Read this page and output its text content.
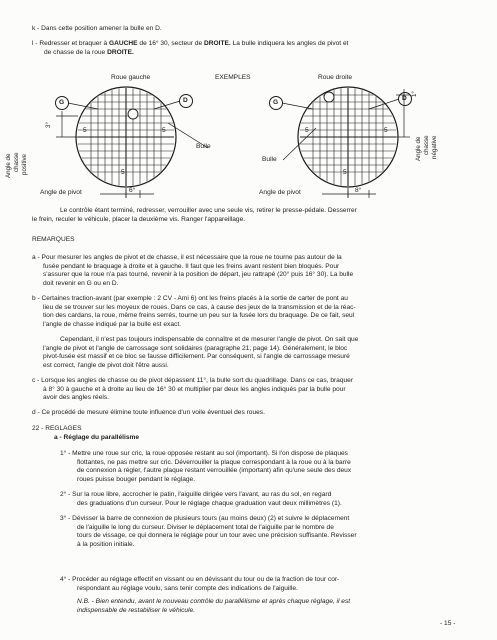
k - Dans cette position amener la bulle en D.
l - Redresser et braquer à GAUCHE de 16° 30, secteur de DROITE. La bulle indiquera les angles de pivot et
de chasse de la roue DROITE.
Roue gauche	EXEMPLES	Roue droite
G	D	G
D
5	5
5
5	5
5
3°
1°
Bulle
Bulle
Angle de chasse positive
Angle de chasse négative
Angle de pivot	6°	Angle de pivot	8°
Le contrôle étant terminé, redresser, verrouiller avec une seule vis, retirer le presse-pédale. Desserrer
le frein, reculer le véhicule, placer la deuxième vis. Ranger l'appareillage.
REMARQUES
a - Pour mesurer les angles de pivot et de chasse, il est nécessaire que la roue ne tourne pas autour de la
fusée pendant le braquage à droite et à gauche. Il faut que les freins avant restent bien bloqués. Pour
s'assurer que la roue n'a pas tourné, revenir à la position de départ, jeu rattrapé (20° puis 16° 30). La bulle
doit revenir en G ou en D.
b - Certaines traction-avant (par exemple : 2 CV - Ami 6) ont les freins placés à la sortie de carter de pont au
lieu de se trouver sur les moyeux de roues. Dans ce cas, à cause des jeux de la transmission et de la réac-
tion des cardans, la roue, même freins serrés, tourne un peu sur la fusée lors du braquage. De ce fait, seul
l'angle de chasse indiqué par la bulle est exact.
Cependant, il n'est pas toujours indispensable de connaître et de mesurer l'angle de pivot. On sait que
l'angle de pivot et l'angle de carrossage sont solidaires (paragraphe 21, page 14). Généralement, le bloc
pivot-fusée est massif et ce bloc se fausse difficilement. Par conséquent, si l'angle de carrossage mesuré
est correct, l'angle de pivot doit l'être aussi.
c - Lorsque les angles de chasse ou de pivot dépassent 11°, la bulle sort du quadrillage. Dans ce cas, braquer
à 8° 30 à gauche et à droite au lieu de 16° 30 et multiplier par deux les angles indiqués par la bulle pour
avoir des angles réels.
d - Ce procédé de mesure élimine toute influence d'un voile éventuel des roues.
22 - REGLAGES
a - Réglage du parallélisme
1° - Mettre une roue sur cric, la roue opposée restant au sol (important). Si l'on dispose de plaques
flottantes, ne pas mettre sur cric. Déverrouiller la plaque correspondant à la roue ou à la barre
de connexion à régler, l'autre plaque restant verrouillée (important) afin qu'une seule des deux
roues puisse bouger pendant le réglage.
2° - Sur la roue libre, accrocher le patin, l'aiguille dirigée vers l'avant, au ras du sol, en regard
des graduations d'un curseur. Pour le réglage chaque graduation vaut deux millimètres (1).
3° - Dévisser la barre de connexion de plusieurs tours (au moins deux) (2) et suivre le déplacement
de l'aiguille le long du curseur. Diviser le déplacement total de l'aiguille par le nombre de
tours de vissage, ce qui donnera le réglage pour un tour avec une précision suffisante. Revisser
à la position initiale.
4° - Procéder au réglage effectif en vissant ou en dévissant du tour ou de la fraction de tour cor-
respondant au réglage voulu, sans tenir compte des indications de l'aiguille.
N.B. - Bien entendu, avant le nouveau contrôle du parallélisme et après chaque réglage, il est
indispensable de restabiliser le véhicule.
- 15 -
